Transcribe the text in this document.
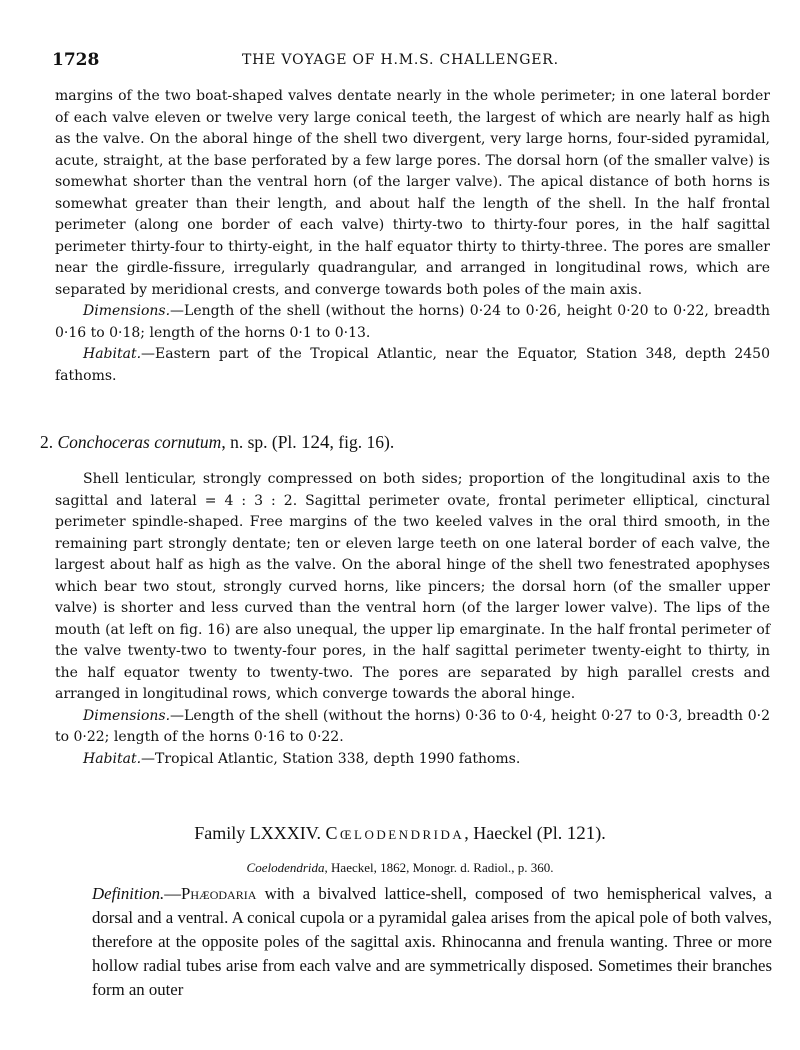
1728	THE VOYAGE OF H.M.S. CHALLENGER.

margins of the two boat-shaped valves dentate nearly in the whole perimeter; in one lateral border of each valve eleven or twelve very large conical teeth, the largest of which are nearly half as high as the valve. On the aboral hinge of the shell two divergent, very large horns, four-sided pyramidal, acute, straight, at the base perforated by a few large pores. The dorsal horn (of the smaller valve) is somewhat shorter than the ventral horn (of the larger valve). The apical distance of both horns is somewhat greater than their length, and about half the length of the shell. In the half frontal perimeter (along one border of each valve) thirty-two to thirty-four pores, in the half sagittal perimeter thirty-four to thirty-eight, in the half equator thirty to thirty-three. The pores are smaller near the girdle-fissure, irregularly quadrangular, and arranged in longitudinal rows, which are separated by meridional crests, and converge towards both poles of the main axis.

Dimensions.—Length of the shell (without the horns) 0·24 to 0·26, height 0·20 to 0·22, breadth 0·16 to 0·18; length of the horns 0·1 to 0·13.

Habitat.—Eastern part of the Tropical Atlantic, near the Equator, Station 348, depth 2450 fathoms.

2. Conchoceras cornutum, n. sp. (Pl. 124, fig. 16).

Shell lenticular, strongly compressed on both sides; proportion of the longitudinal axis to the sagittal and lateral = 4 : 3 : 2. Sagittal perimeter ovate, frontal perimeter elliptical, cinctural perimeter spindle-shaped. Free margins of the two keeled valves in the oral third smooth, in the remaining part strongly dentate; ten or eleven large teeth on one lateral border of each valve, the largest about half as high as the valve. On the aboral hinge of the shell two fenestrated apophyses which bear two stout, strongly curved horns, like pincers; the dorsal horn (of the smaller upper valve) is shorter and less curved than the ventral horn (of the larger lower valve). The lips of the mouth (at left on fig. 16) are also unequal, the upper lip emarginate. In the half frontal perimeter of the valve twenty-two to twenty-four pores, in the half sagittal perimeter twenty-eight to thirty, in the half equator twenty to twenty-two. The pores are separated by high parallel crests and arranged in longitudinal rows, which converge towards the aboral hinge.

Dimensions.—Length of the shell (without the horns) 0·36 to 0·4, height 0·27 to 0·3, breadth 0·2 to 0·22; length of the horns 0·16 to 0·22.

Habitat.—Tropical Atlantic, Station 338, depth 1990 fathoms.

Family LXXXIV. Cœlodendrida, Haeckel (Pl. 121).
Coelodendrida, Haeckel, 1862, Monogr. d. Radiol., p. 360.

Definition.—Phæodaria with a bivalved lattice-shell, composed of two hemispherical valves, a dorsal and a ventral. A conical cupola or a pyramidal galea arises from the apical pole of both valves, therefore at the opposite poles of the sagittal axis. Rhinocanna and frenula wanting. Three or more hollow radial tubes arise from each valve and are symmetrically disposed. Sometimes their branches form an outer
